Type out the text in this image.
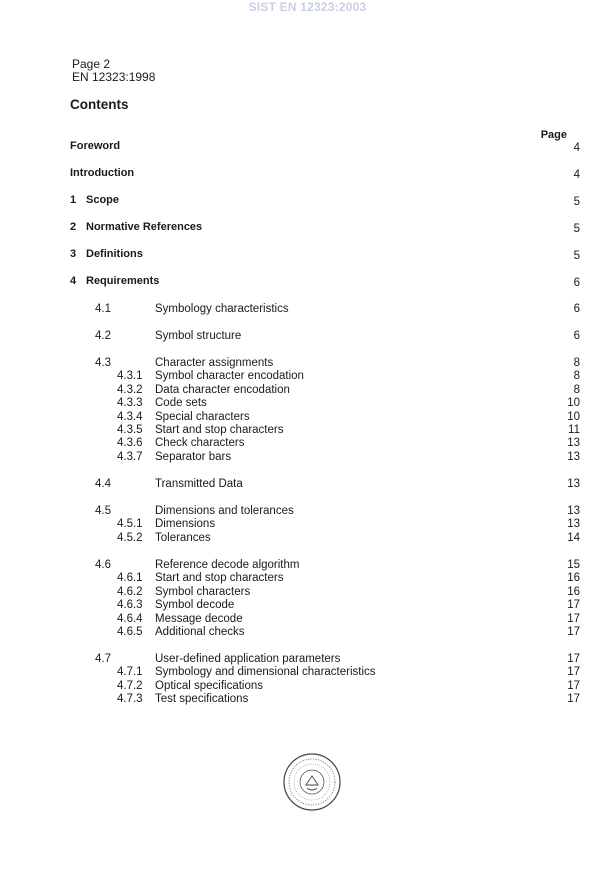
SIST EN 12323:2003
Page 2
EN 12323:1998
Contents
Page
Foreword	4
Introduction	4
1 Scope	5
2 Normative References	5
3 Definitions	5
4 Requirements	6
4.1	Symbology characteristics	6
4.2	Symbol structure	6
4.3	Character assignments	8
4.3.1 Symbol character encodation	8
4.3.2 Data character encodation	8
4.3.3 Code sets	10
4.3.4 Special characters	10
4.3.5 Start and stop characters	11
4.3.6 Check characters	13
4.3.7 Separator bars	13
4.4	Transmitted Data	13
4.5	Dimensions and tolerances	13
4.5.1 Dimensions	13
4.5.2 Tolerances	14
4.6	Reference decode algorithm	15
4.6.1 Start and stop characters	16
4.6.2 Symbol characters	16
4.6.3 Symbol decode	17
4.6.4 Message decode	17
4.6.5 Additional checks	17
4.7	User-defined application parameters	17
4.7.1 Symbology and dimensional characteristics	17
4.7.2 Optical specifications	17
4.7.3 Test specifications	17
